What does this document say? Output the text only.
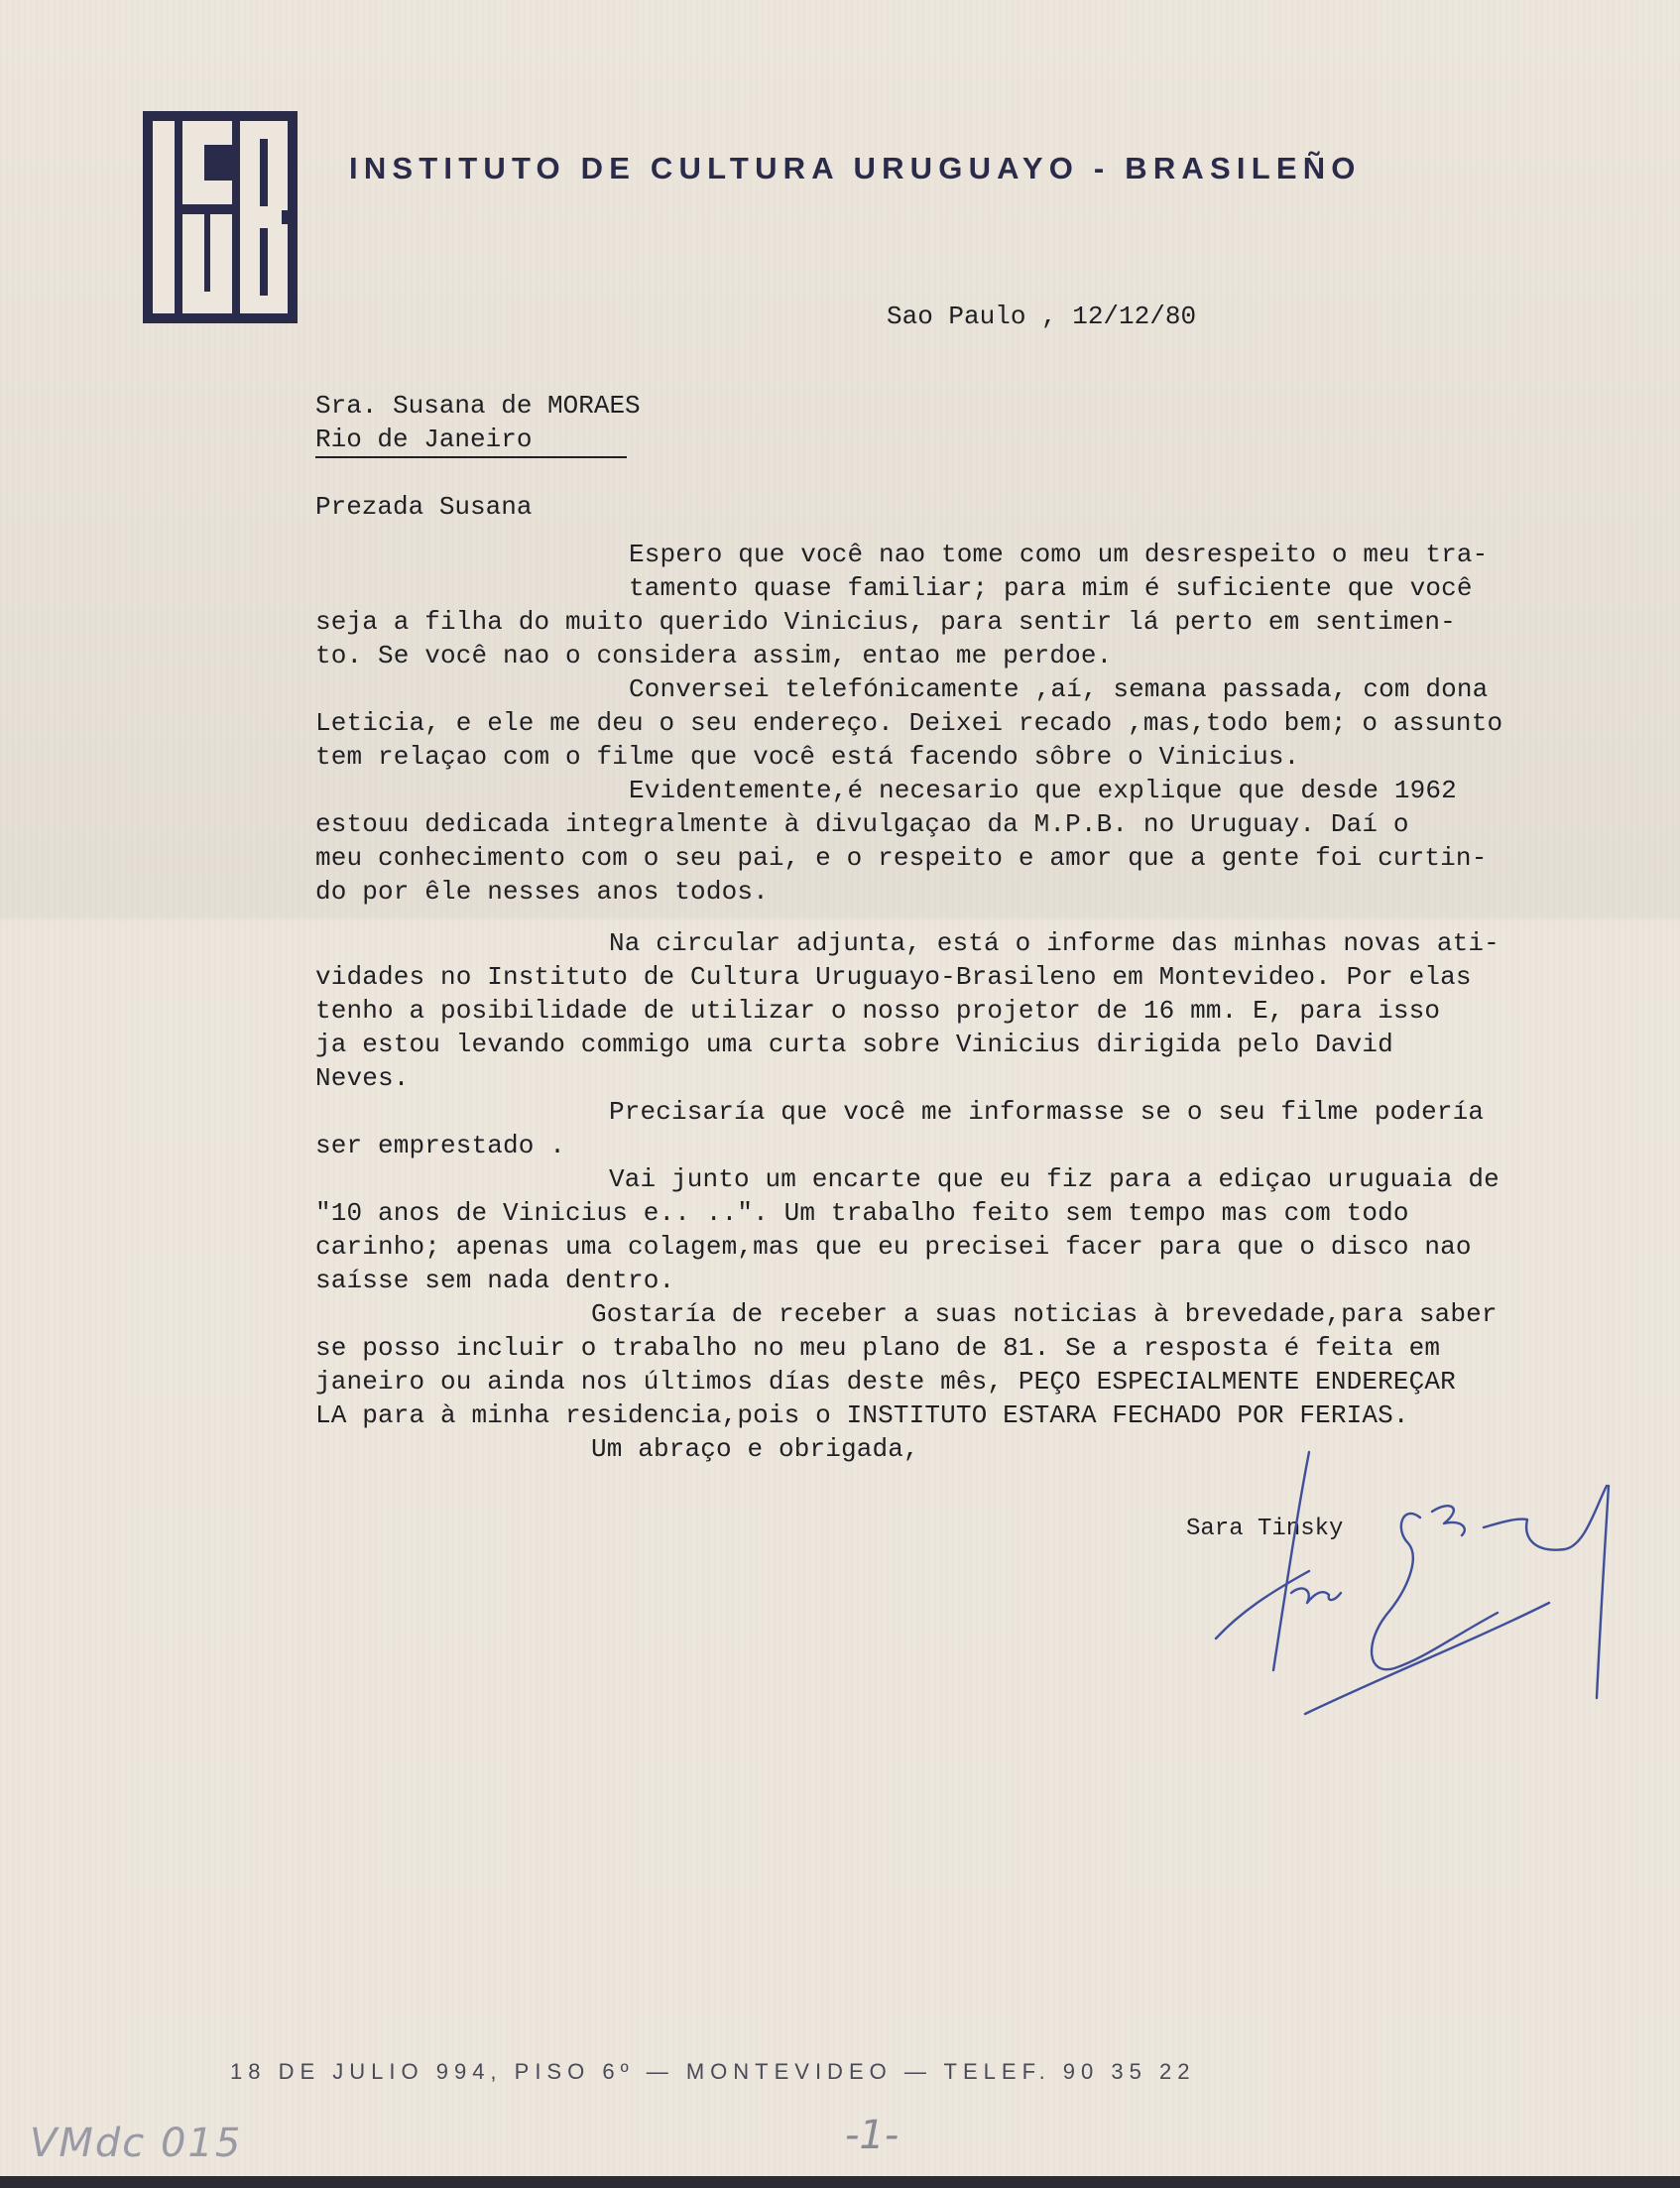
INSTITUTO DE CULTURA URUGUAYO - BRASILEÑO
Sao Paulo , 12/12/80
Sra. Susana de MORAES
Rio de Janeiro
Prezada Susana
Espero que você nao tome como um desrespeito o meu tra-
tamento quase familiar; para mim é suficiente que você
seja a filha do muito querido Vinicius, para sentir lá perto em sentimen-
to. Se você nao o considera assim, entao me perdoe.
Conversei telefónicamente ,aí, semana passada, com dona
Leticia, e ele me deu o seu endereço. Deixei recado ,mas,todo bem; o assunto
tem relaçao com o filme que você está facendo sôbre o Vinicius.
Evidentemente,é necesario que explique que desde 1962
estouu dedicada integralmente à divulgaçao da M.P.B. no Uruguay. Daí o
meu conhecimento com o seu pai, e o respeito e amor que a gente foi curtin-
do por êle nesses anos todos.
Na circular adjunta, está o informe das minhas novas ati-
vidades no Instituto de Cultura Uruguayo-Brasileno em Montevideo. Por elas
tenho a posibilidade de utilizar o nosso projetor de 16 mm. E, para isso
ja estou levando commigo uma curta sobre Vinicius dirigida pelo David
Neves.
Precisaría que você me informasse se o seu filme podería
ser emprestado .
Vai junto um encarte que eu fiz para a ediçao uruguaia de
"10 anos de Vinicius e.. ..". Um trabalho feito sem tempo mas com todo
carinho; apenas uma colagem,mas que eu precisei facer para que o disco nao
saísse sem nada dentro.
Gostaría de receber a suas noticias à brevedade,para saber
se posso incluir o trabalho no meu plano de 81. Se a resposta é feita em
janeiro ou ainda nos últimos días deste mês, PEÇO ESPECIALMENTE ENDEREÇAR
LA para à minha residencia,pois o INSTITUTO ESTARA FECHADO POR FERIAS.
Um abraço e obrigada,
Sara Tinsky
18 DE JULIO 994, PISO 6º — MONTEVIDEO — TELEF. 90 35 22
VMdc 015	-1-
